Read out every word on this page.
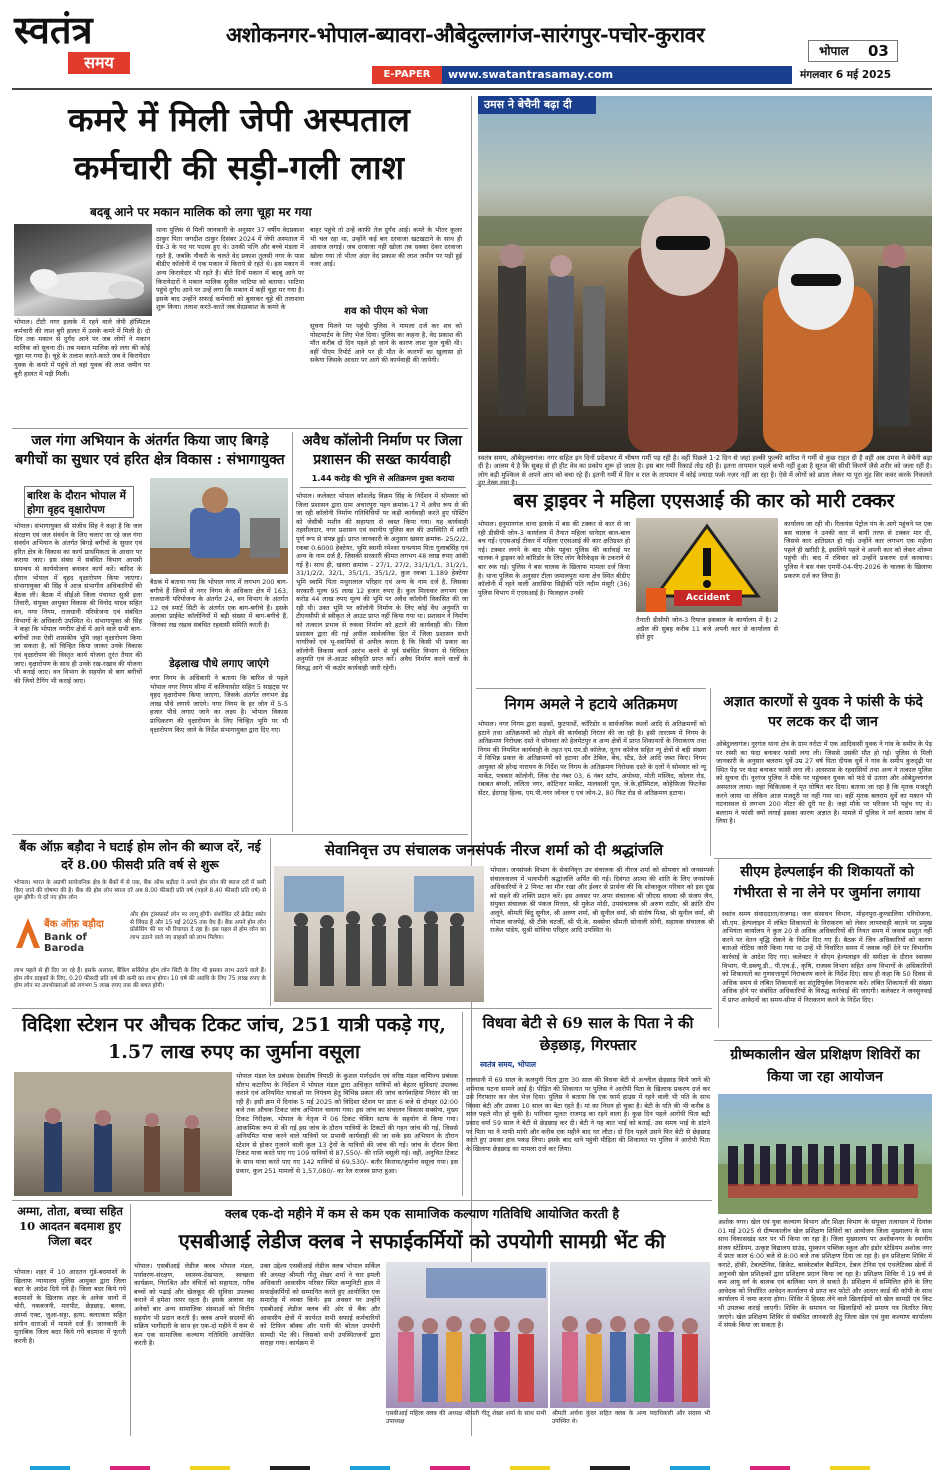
स्वतंत्र
समय
अशोकनगर-भोपाल-ब्यावरा-औबेदुल्लागंज-सारंगपुर-पचोर-कुरावर
E-PAPER	www.swatantrasamay.com
भोपाल	03
मंगलवार 6 मई 2025
कमरे में मिली जेपी अस्पताल
कर्मचारी की सड़ी-गली लाश
बदबू आने पर मकान मालिक को लगा चूहा मर गया
भोपाल। टीटी नगर इलाके में रहने वाले जेपी हॉस्पिटल कर्मचारी की लाश बुरी हालत में उसके कमरे में मिली है। दो दिन तक मकान से दुर्गंध आने पर जब लोगों ने मकान मालिक को सूचना दी। तब मकान मालिक को लगा की कोई चूहा मर गया है। चूहे के तलाश करते-करते जब वे किरायेदार युवक के कमरे में पहुंचे तो वहां युवक की लाश जमीन पर बुरी हालत में पड़ी मिली।
थाना पुलिस से मिली जानकारी के अनुसार 37 वर्षीय वेदप्रकाश ठाकुर पिता जगदीश ठाकुर दिसंबर 2024 में जेपी अस्पताल में ग्रेड-3 के पद पर पदस्थ हुए थे। उनकी पत्नि और बच्चे मंडला में रहते है, जबकि नौकरी के चलते वेद प्रकाश तुलसी नगर के पास बीडीए कॉलोनी में एक मकान में किराये से रहते थे। इस मकान में अन्य किरायेदार भी रहते हैं। बीते दिनों मकान में बदबू आने पर किरायेदारों ने मकान मालिक सुनील भाटिया को बताया। भाटिया पहुंचे दुर्गंध आने पर उन्हें लगा कि मकान में कहीं चूहा मर गया है। इसके बाद उन्होंने सफाई कर्मचारी को बुलाकर चूहे की तलाशना शुरू किया। तलाश करते-करते जब वेदप्रकाश के कमरे के
बाहर पहुंचे तो उन्हें काफी तेज दुर्गंध आई। कमरे के भीतर कूलर भी चल रहा था, उन्होंने कई बार दरवाजा खटखटाने के साथ ही आवाज लगाई। जब दरवाजा नहीं खोला तब धक्का देकर दरवाजा खोला गया तो भीतर अंदर वेद प्रकाश की लाश जमीन पर पड़ी हुई नजर आई।
शव को पीएम को भेजा
सूचना मिलने पर पहुंची पुलिस ने मामला दर्ज कर शव को पोस्टमार्टम के लिए भेज दिया। पुलिस का कहना है, वेद प्रकाश की मौत करीब दो दिन पहले हो जाने के कारण लाश फूल चुकी थी। वहीं पीएम रिपोर्ट आने पर ही मौत के कारणों का खुलासा हो सकेगा जिसके आधार पर आगे की कार्यवाही की जायेगी।
उमस ने बेचैनी बढ़ा दी
स्वतंत्र समय, औबेदुल्लागंज। नगर सहित इन दिनों प्रदेशभर में भीषण गर्मी पड़ रही है। वहीं पिछले 1-2 दिन से जहां हल्की फुल्की बारिश ने गर्मी से कुछ राहत दी है वहीं अब उमस ने बेचैनी बढ़ा दी है। आलम ये है कि सुबह से ही हीट वेव का प्रकोप शुरू हो जाता है। इस बार गर्मी रिकार्ड तोड़ रही है। इतना तापमान पहले कभी नहीं हुआ है सूरज की सीधी किरणें जैसे शरीर को जला रहीं है। लोग बड़ी मुश्किल से अपने आप को बचा रहे हैं। इतनी गर्मी में दिन व रात के तापमान में कोई ज्यादा फर्क नज़र नहीं आ रहा है। ऐसे में लोगों को छाता लेकर या पूरा मुंह सिर कवर करके निकलते
जल गंगा अभियान के अंतर्गत किया जाए बिगड़े बगीचों का सुधार एवं हरित क्षेत्र विकास : संभागायुक्त
बारिश के दौरान भोपाल में होगा वृहद वृक्षारोपण
भोपाल। संभागायुक्त श्री संजीव सिंह ने कहा है कि जल संरक्षण एवं जल संवर्धन के लिए चलाए जा रहे जल गंगा संवर्धन अभियान के अंतर्गत बिगड़े बगीचों के सुधार एवं हरित क्षेत्र के विकास का कार्य प्राथमिकता के आधार पर कराया जाए। इस संबंध में संबंधित विभाग आपसी समन्वय से कार्ययोजना बनाकर कार्य करें। बारिश के दौरान भोपाल में वृहद वृक्षारोपण किया जाएगा। संभागायुक्त श्री सिंह ने आज संभागीय अधिकारियों की बैठक ली। बैठक में सीईओ जिला पंचायत सुश्री इला तिवारी, संयुक्त आयुक्त विकास श्री विनोद यादव सहित वन, नगर निगम, राजधानी परियोजना एवं संबंधित विभागों के अधिकारी उपस्थित थे। संभागायुक्त श्री सिंह ने कहा कि भोपाल नगरीय क्षेत्रों में आने वाले सभी बाग-बगीचों तथा ऐसी शासकीय भूमि जहां वृक्षारोपण किया जा सकता है, को चिन्हित किया जाकर उनके विकास एवं वृक्षारोपण की विस्तृत कार्य योजना तुरंत तैयार की जाए। वृक्षारोपण के साथ ही उनके रख-रखाव की योजना भी बनाई जाए। वन विभाग के सहयोग से बाग बगीचों की जियो टैगिंग भी कराई जाए।
बैठक में बताया गया कि भोपाल नगर में लगभग 200 बाग-बगीचे हैं जिनमें से नगर निगम के अधिकार क्षेत्र में 163, राजधानी परियोजना के अंतर्गत 24, वन विभाग के अंतर्गत 12 एवं स्मार्ट सिटी के अंतर्गत एक बाग-बगीचे है। इसके अलावा प्राईवेट कॉलोनियों में बड़ी संख्या में बाग-बगीचे हैं, जिनका रख रखाव संबंधित रहवासी समिति करती है।
डेढ़लाख पौधे लगाए जाएंगे
नगर निगम के अधिकारी ने बताया कि बारिश से पहले भोपाल नगर निगम सीमा में कलियासोत सहित 5 साइट्स पर वृहद वृक्षारोपण किया जाएगा, जिसके अंतर्गत लगभग डेढ़ लाख पौधे लगाये जाएंगे। नगर निगम के हर जोन में 5-5 हजार पौधे लगाए जाने का लक्ष्य है। भोपाल विकास प्राधिकरण की वृक्षारोपण के लिए चिन्हित भूमि पर भी वृक्षारोपण किए जाने के निर्देश संभागायुक्त द्वारा दिए गए।
अवैध कॉलोनी निर्माण पर जिला प्रशासन की सख्त कार्यवाही
1.44 करोड़ की भूमि से अतिक्रमण मुक्त कराया
भोपाल। कलेक्टर भोपाल कौशलेंद्र विक्रम सिंह के निर्देशन में सोमवार को जिला प्रशासन द्वारा ग्राम अचारपुरा पहन क्रमांक-17 में अवैध रूप से की जा रही कॉलोनी निर्माण गतिविधियों पर कड़ी कार्यवाही करते हुए पोस्टिंग को जेसीबी मशीन की सहायता से ध्वस्त किया गया। यह कार्यवाही तहसीलदार, नगर प्रशासन एवं स्थानीय पुलिस बल की उपस्थिति में शांति पूर्ण रूप से संपन्न हुई। प्राप्त जानकारी के अनुसार खसरा क्रमांक- 25/2/2, रकबा 0.6000 हेक्टेयर, भूमि स्वामी रमेश्वर घनश्याम पिता गुलाबसिंह एवं अन्य के नाम दर्ज है, जिसकी सरकारी कीमत लगभग 48 लाख रुपए आंकी गई है। साथ ही, खसरा क्रमांक - 27/1, 27/2, 31/1/1/1, 31/2/1, 31/1/2/2, 32/1, 35/1/1, 35/1/2, कुल रकबा 1.189 हेक्टेयर भूमि स्वामि पिता मथुरालाल परिहार एवं अन्य के नाम दर्ज है, जिसका सरकारी मूल्य 95 लाख 12 हजार रुपए है। कुल मिलाकर लगभग एक करोड़ 44 लाख रुपए मूल्य की भूमि पर अवैध कॉलोनी विकसित की जा रही थी। उक्त भूमि पर कॉलोनी निर्माण के लिए कोई वैध अनुमति या टीएनसीपी से स्वीकृत ले आउट प्राप्त नहीं किया गया था। प्रशासन ने निर्माण को तत्काल प्रभाव से रुकवा निर्माण को हटाने की कार्यवाही की। जिला प्रशासन द्वारा की गई अपील सार्वजनिक हित में जिला प्रशासन सभी नागरिकों एवं भू-स्वामियों से अपील करता है कि किसी भी प्रकार का कॉलोनी विकास कार्य आरंभ करने से पूर्व संबंधित विभाग से विधिवत अनुमति एवं ले-आउट स्वीकृति प्राप्त करें। अवैध निर्माण करने वालों के विरुद्ध आगे भी कठोर कार्यवाही जारी रहेगी।
बस ड्राइवर ने महिला एएसआई की कार को मारी टक्कर
भोपाल। हनुमानगंज थाना इलाके में बस की टक्कर से कार से जा रही डीसीपी जोन-3 कार्यालय में तैनात महिला थानेदार बाल-बाल बच गई। एएसआई टीकर में महिला एएसआई की कार क्षतिग्रस्त हो गई। टक्कर लगने के बाद मौके पहुंचा पुलिस की कार्रवाई पर चालक ने ड्राइवर को कॉरिडोर के लिए लोग कैरिकेड्स के टकराने से बार रुक गई। पुलिस ने बस चालक के खिलाफ मामला दर्ज किया है। थाना पुलिस के अनुसार टीला जमालपुरा थाना क्षेत्र स्थित बीडीए कॉलोनी में रहने वाली आरसिया सिद्दीकी पति नदीम मंसूरी (36) पुलिस विभाग में एएसआई है। फिलहाल उनकी
Accident
तैनाती डीसीपी जोन-3 रियाज इकबाल के कार्यालय में है। 2 अप्रैल की सुबह करीब 11 बजे अपनी कार से कार्यालय से होते हुए
कार्यालय जा रही थी। रिलायंस पेट्रोल पंप के आगे पहुंचने पर एक बस चालक ने उनकी कार में बायीं तरफ से टक्कर मार दी, जिससे कार क्षतिग्रस्त हो गई। उन्होंने कार लगभग एक महीना पहले ही खरीदी है, इसलिये पहले वे अपनी कार को लेकर शोरूम पहुंची थी। बाद में रविवार को उन्होंने प्रकरण दर्ज करवाया। पुलिस ने बस नंबर एमपी-04-पीए-2026 के चालक के खिलाफ प्रकरण दर्ज कर लिया है।
निगम अमले ने हटाये अतिक्रमण
भोपाल। नगर निगम द्वारा सड़कों, फुटपाथों, कॉरिडोर व सार्वजनिक स्थलों आदि से अतिक्रमणों को हटाने तथा अतिक्रमणों को तोड़ने की कार्यवाही निरंतर की जा रही है। इसी तारतम्य में निगम के अतिक्रमण निरोधक दस्ते ने सोमवार को हेलमेटपुर व अन्य क्षेत्रों में प्राप्त शिकायतों के निराकरण तथा निगम की नियमित कार्यवाही के तहत एम.एम.डी कॉलेज, नूतन कॉलेज सहित न्यू क्षेत्रों से बड़ी संख्या में विभिन्न प्रकार के अतिक्रमणों को हटाया और टेबिल, बेंच, स्टैंड, ठेले आदि जब्त किए। निगम आयुक्त श्री हरेन्द्र नारायन के निर्देश पर निगम के अतिक्रमण निरोधक दस्ते के दलों ने सोमवार को न्यू मार्केट, पत्रकार कॉलोनी, लिंक रोड नंबर 03, 6 नंबर स्टॉप, अयोध्या, मोती मस्जिद, कोलार रोड, रबाबत बंगली, ललिता नगर, कॉटिनार मार्केट, मालवाली पुल, जे.के.हॉस्पिटल, कोहेफिजा फिटनेस सेंटर, ईदगाह हिल्स, एम.पी.नगर जोनल ए एवं जोन-2, 80 फिट रोड से अतिक्रमण हटाया।
अज्ञात कारणों से युवक ने फांसी के फंदे पर लटक कर दी जान
ओबेदुल्लागंज। नूरगंज थाना क्षेत्र के ग्राम नरोटा में एक आदिवासी युवक ने गांव के समीप के पेड़ पर रस्सी का फंदा बनाकर फांसी लगा ली। जिससे उसकी मौत हो गई। पुलिस से मिली जानकारी के अनुसार बलराम धुर्वे उम्र 27 वर्ष पिता दीपक धुर्वे ने गांव के समीप कुरुदृढ़ी पर स्थित पेड़ पर फंदा बनाकर फांसी लगा ली। आसपास के रहवासियों तथा अन्य ने तत्काल पुलिस को सूचना दी। नूरगंज पुलिस ने मौके पर पहुंचकर युवक को फंदे से उतारा और ओबेदुल्लागंज अस्पताल लाया। जहां चिकित्सक ने मृत घोषित कर दिया। बताया जा रहा है कि मृतक मजदूरी करने जाया था लेकिन आज मजदूरी पर नहीं गया था। वहीं मृतक बलराम धुर्वे का मकान भी घटनास्थल से लगभग 200 मीटर की दूरी पर है। जहां मौके पर परिजन भी पहुंच गए थे। बलराम ने फांसी क्यों लगाई इसका कारण अज्ञात है। मामले में पुलिस ने मर्ग कायम जांच में लिया है।
बैंक ऑफ़ बड़ौदा ने घटाई होम लोन की ब्याज दरें, नई दरें 8.00 फीसदी प्रति वर्ष से शुरू
भोपाल। भारत के अग्रणी सार्वजनिक क्षेत्र के बैंकों में से एक, बैंक ऑफ बड़ौदा ने अपने होम लोन की ब्याज दरों में कमी किए जाने की घोषणा की है। बैंक की होम लोन ब्याज दरें अब 8.00 फीसदी प्रति वर्ष (पहले 8.40 फीसदी प्रति वर्ष) से शुरू होंगी। ये दरें नए होम लोन
बैंक ऑफ़ बड़ौदा
Bank of Baroda
और होम ट्रांसफ़र्स्ट लोन पर लागू होंगी। संशोधित दरें क्रेडिट स्कोर से लिंक्ड हैं और 15 मई 2025 तक वैध हैं। बैंक अपने होम लोन प्रॉसेसिंग फी पर भी रियायत दे रहा है। इस पहल से होम लोन का लाभ उठाने वाले नए ग्राहकों को लाभ मिलेगा।
लाभ पहले से ही दिए जा रहे हैं। इसके अलावा, बैंकिंग सर्विसेज़ होम लोन सिटी के लिए भी इसका लाभ उठाने वाले हैं। होम लोन ग्राहकों के लिए, 0.20 फीसदी प्रति वर्ष की कमी का लाभ होगा। 10 वर्ष की अवधि के लिए 75 लाख रुपए के होम लोन पर उपभोक्ताओं को लगभग 5 लाख रुपए तक की बचत होगी।
सेवानिवृत्त उप संचालक जनसंपर्क नीरज शर्मा को दी श्रद्धांजलि
भोपाल। जनसंपर्क विभाग के सेवानिवृत्त उप संचालक श्री नीरज शर्मा को सोमवार को जनसम्पर्क संचालनालय में भावभीनी श्रद्धांजलि अर्पित की गई। दिवंगत आत्मा की शांति के लिए जनसंपर्क अधिकारियों ने 2 मिनट का मौन रखा और ईश्वर से प्रार्थना की कि शोकाकुल परिवार को इस दुख को सहने की शक्ति प्रदान करें। इस अवसर पर अपर संचालक श्री जीएस वाधवा श्री संजय जैन, संयुक्त संचालक श्री पंकज मित्तल, श्री मुकेश मोदी, उपसंचालक श्री अरुण राठौर, श्री क्रांति दीप अलूने, श्रीमती बिंदु सुनील, श्री अरुण शर्मा, श्री सुनील वर्मा, श्री संतोष मिश्रा, श्री सुनील वर्मा, श्री गोपाल वाजपेई, श्री टीके चटर्जी, श्री पी.के. सक्सेना श्रीमती सोनाली सोनी, सहायक संचालक श्री राजेश पांडेय, सुश्री सोनिया परिहार आदि उपस्थित थे।
सीएम हेल्पलाईन की शिकायतों को गंभीरता से ना लेने पर जुर्माना लगाया
स्वतंत्र समय संवाददाता/राजगढ़। जल संसाधन विभाग, मोहनपुरा-कुण्डालिया परियोजना, सी.एम. हेल्पलाइन में लंबित शिकायतों के निराकरण को लेकर लापरवाही बरतने पर प्रमुख अभियंता कार्यालय ने कुल 20 से अधिक अधिकारियों की नियत समय में जवाब प्रस्तुत नहीं करने पर वेतन वृद्धि रोकने के निर्देश दिए गए हैं। बैठक में जिन अधिकारियों को कारण बताओ नोटिस जारी किया गया था उन्हें भी निर्धारित समय में जवाब नहीं देने पर विभागीय कार्रवाई के आदेश दिए गए। कलेक्टर ने सीएम हेल्पलाइन की समीक्षा के दौरान स्वास्थ्य विभाग, पी.डब्ल्यू.डी., पी.एच.ई., कृषि, राजस्व विभाग सहित अन्य विभागों के अधिकारियों को शिकायतों का गुणवत्तापूर्ण निराकरण करने के निर्देश दिए। साथ ही कहा कि 50 दिवस से अधिक समय से लंबित शिकायतों का संतुष्टिपूर्वक निराकरण करें। लंबित शिकायतों की संख्या अधिक होने पर संबंधित अधिकारियों के विरुद्ध कार्रवाई की जाएगी। कलेक्टर ने जनसुनवाई में प्राप्त आवेदनों का समय-सीमा में निराकरण करने के निर्देश दिए।
विदिशा स्टेशन पर औचक टिकट जांच, 251 यात्री पकड़े गए, 1.57 लाख रुपए का जुर्माना वसूला
भोपाल मंडल रेल प्रबंधक देवाशीष त्रिपाठी के कुशल मार्गदर्शन एवं वरिष्ठ मंडल वाणिज्य प्रबंधक सौरभ कटारिया के निर्देशन में भोपाल मंडल द्वारा अधिकृत यात्रियों को बेहतर सुविधाएं उपलब्ध कराने एवं अनियमित यात्राओं पर नियंत्रण हेतु विभिन्न प्रकार की जांच कार्यवाहियां निरंतर की जा रही हैं। इसी क्रम में दिनांक 5 मई 2025 को विदिशा स्टेशन पर प्रातः 6 बजे से दोपहर 02:00 बजे तक औचक टिकट जांच अभियान चलाया गया। इस जांच का संचालन विकास सक्सेना, मुख्य टिकट निरीक्षक, भोपाल के नेतृत्व में 06 टिकट चेकिंग स्टाफ के सहयोग से किया गया। आकस्मिक रूप से की गई इस जांच के दौरान यात्रियों के टिकटों की गहन जांच की गई, जिससे अनियमित यात्रा करने वाले यात्रियों पर प्रभावी कार्यवाही की जा सके इस अभियान के दौरान स्टेशन से होकर गुजरने वाली कुल 13 ट्रेनों के यात्रियों की जांच की गई। जांच के दौरान बिना टिकट यात्रा करते पाए गए 109 यात्रियों से 87,550/- की राशि वसूली गई। वहीं, अनुचित टिकट के साथ यात्रा करते पाए गए 142 यात्रियों से 69,530/- बतौर किराया/जुर्माना वसूला गया। इस प्रकार, कुल 251 मामलों से 1,57,080/- का रेल राजस्व प्राप्त हुआ।
विधवा बेटी से 69 साल के पिता ने की छेड़छाड़, गिरफ्तार
स्वतंत्र समय, भोपाल
राजधानी में 69 साल के कलयुगी पिता द्वारा 30 साल की विधवा बेटी से अश्लील छेड़छाड़ किये जाने की शर्मनाक घटना सामने आई है। पीड़ित की शिकायत पर पुलिस ने आरोपी पिता के खिलाफ प्रकरण दर्ज कर उसे गिरफ्तार कर जेल भेज दिया। पुलिस ने बताया कि एक फार्म हाउस में रहने वाली भी पति के साथ विधवा बेटी और उसका 10 साल का बेटा रहते हैं। मां का निधन हो चुका है। बेटी के पति की भी करीब 8 साल पहले मौत हो चुकी है। पारिवार मूलतः राजगढ़ का रहने वाला है। कुछ दिन पहले आरोपी पिता बद्री प्रसाद वर्मा 59 साल ने बेटी से छेड़छाड़ कर दी। बेटी ने यह बात भाई को बताई, उस समय भाई के डांटने पर पिता पर ने माफी मांगी और करीब एक महीने बाद घर लौटा। दो दिन पहले उसने फिर बेटी से छेड़छाड़ करते हुए उसका हाथ पकड़ लिया। इसके बाद थाने पहुंची पीड़िता की शिकायत पर पुलिस ने आरोपी पिता के खिलाफ छेड़छाड़ का मामला दर्ज कर लिया।
ग्रीष्मकालीन खेल प्रशिक्षण शिविरों का किया जा रहा आयोजन
अशोक नगर। खेल एवं युवा कल्याण विभाग और शिक्षा विभाग के संयुक्त तत्वाधान में दिनांक 01 मई 2025 से ग्रीष्मकालीन खेल प्रशिक्षण शिविरों का आयोजन जिला मुख्यालय के साथ साथ विकासखंड स्तर पर भी किया जा रहा है। जिला मुख्यालय पर अशोकनगर के स्थानीय संजय स्टेडियम, उत्कृष्ट विद्यालय ग्राउंड, मुस्कान पब्लिक स्कूल और इंडोर स्टेडियम अशोक नगर में प्रातः काल 6:00 बजे से 8:00 बजे तक प्रशिक्षण दिया जा रहा है। इन प्रशिक्षण शिविर में कराटे, हॉकी, टेबलटेनिस, क्रिकेट, बास्केटबॉल बैडमिंटन, टेबल टेनिस एवं एथलेटिक्स खेलों में अनुभवी खेल प्रशिक्षकों द्वारा प्रशिक्षण प्रदान किया जा रहा है। प्रशिक्षण शिविर में 19 वर्ष से कम आयु वर्ग के बालक एवं बालिका भाग ले सकते हैं। प्रशिक्षण में सम्मिलित होने के लिए आवेदक को निर्धारित आवेदन कार्यालय से प्राप्त कर फोटो और आधार कार्ड की कॉपी के साथ कार्यालय में जमा करना होगा। शिविर में हिस्सा लेने वाले खिलाड़ियों को खेल सामग्री एवं किट भी उपलब्ध कराई जाएगी। शिविर के समापन पर खिलाड़ियों को प्रमाण पत्र वितरित किए जाएंगे। खेल प्रशिक्षण शिविर से संबंधित जानकारी हेतु जिला खेल एवं युवा कल्याण कार्यालय में संपर्क किया जा सकता है।
अम्मा, तोता, बच्चा सहित 10 आदतन बदमाश हुए जिला बदर
भोपाल। शहर में 10 आदतन गुंडे-बदमाशों के खिलाफ न्यायालय पुलिस आयुक्त द्वारा जिला बदर के आदेश दिये गये हैं। जिला बदर किये गये बदमाशों के खिलाफ शहर के अनेक थानों में चोरी, नकबजनी, मारपीट, छेड़छाड़, बलवा, आर्म्स एक्ट, जुआ-सट्टा, हत्या, बलात्कार सहित संगीन धाराओं में मामले दर्ज हैं। जानकारी के मुताबिक जिला बदर किये गये बदमाश में फूरती करनी है।
क्लब एक-दो महीने में कम से कम एक सामाजिक कल्याण गतिविधि आयोजित करती है
एसबीआई लेडीज क्लब ने सफाईकर्मियों को उपयोगी सामग्री भेंट की
भोपाल। एसबीआई लेडीज क्लब भोपाल मंडल, पर्यावरण-संरक्षण, स्वास्थ्य-देखभाल, स्वच्छता कार्यक्रम, निराश्रित और वंचितों को सहायता, गरीब बच्चों को पढ़ाई और खेलकूद की सुविधा उपलब्ध कराने में हमेशा तत्पर रहता है। इसके अलावा यह अनेकों बार अन्य सामाजिक संस्थाओं को वित्तीय सहयोग भी प्रदान करती है। क्लब अपने सदस्यों की सक्रिय भागीदारी के साथ हर एक-दो महीने में कम से कम एक सामाजिक कल्याण गतिविधि आयोजित करती है।
उक्त उद्देश्य एसबीआई लेडीज क्लब भोपाल सर्किल की अध्यक्ष श्रीमती गीतू शेखर शर्मा ने चार इमली अधिकारी आवासीय परिसर स्थित कम्युनिटी हाल में सफाईकर्मियों को सम्मानित करते हुए आयोजित एक समारोह में व्यक्त किये। इस अवसर पर उन्होंने एसबीआई लेडीज क्लब की ओर से बैंक और आवासीय क्षेत्रों में कार्यरत सभी सफाई कर्मचारियों को टिफिन बॉक्स और पानी की बोतल उपयोगी सामग्री भेंट की। जिसको सभी उपस्थितजनों द्वारा सराहा गया। कार्यक्रम में
एसबीआई महिला क्लब की अध्यक्ष श्रीमती गीतू शेखर शर्मा के साथ सभी उपाध्यक्ष
श्रीमती अर्चना कुंदर सहित क्लब के अन्य पदाधिकारी और सदस्य भी उपस्थित थे।
